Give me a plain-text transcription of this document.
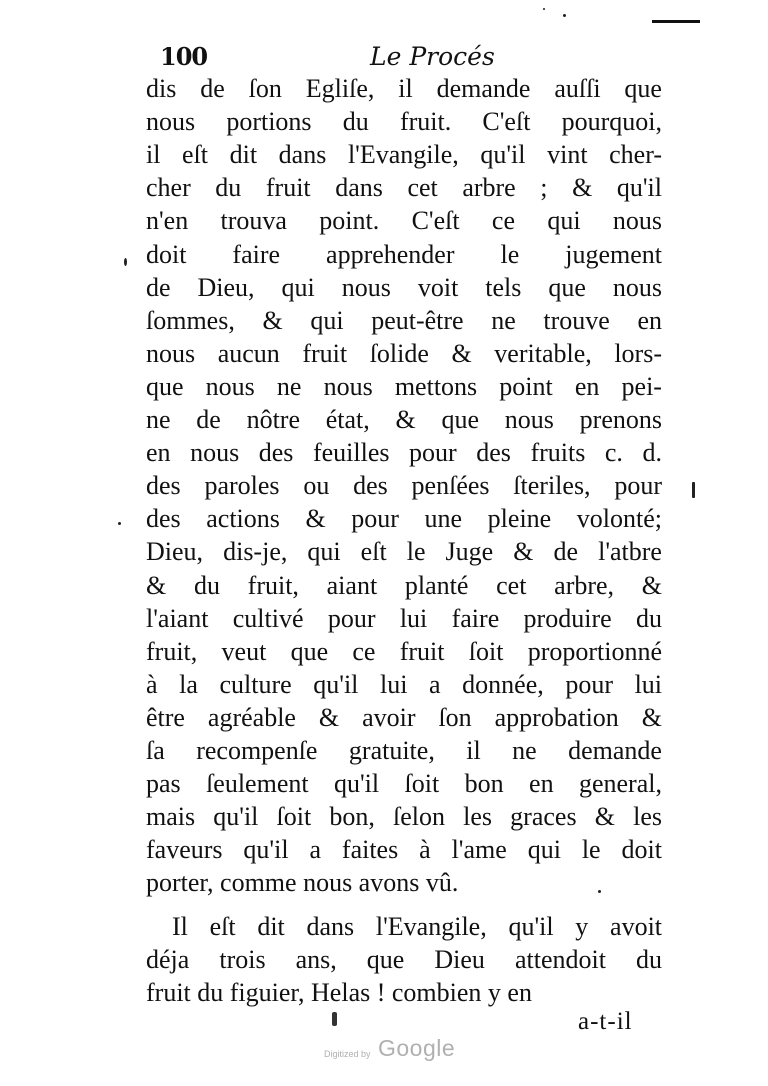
100	Le Procés
dis de ſon Egliſe, il demande auſſi que
nous portions du fruit. C'eſt pourquoi,
il eſt dit dans l'Evangile, qu'il vint cher-
cher du fruit dans cet arbre ; & qu'il
n'en trouva point. C'eſt ce qui nous
doit faire apprehender le jugement
de Dieu, qui nous voit tels que nous
ſommes, & qui peut-être ne trouve en
nous aucun fruit ſolide & veritable, lors-
que nous ne nous mettons point en pei-
ne de nôtre état, & que nous prenons
en nous des feuilles pour des fruits c. d.
des paroles ou des penſées ſteriles, pour
des actions & pour une pleine volonté;
Dieu, dis-je, qui eſt le Juge & de l'atbre
& du fruit, aiant planté cet arbre, &
l'aiant cultivé pour lui faire produire du
fruit, veut que ce fruit ſoit proportionné
à la culture qu'il lui a donnée, pour lui
être agréable & avoir ſon approbation &
ſa recompenſe gratuite, il ne demande
pas ſeulement qu'il ſoit bon en general,
mais qu'il ſoit bon, ſelon les graces & les
faveurs qu'il a faites à l'ame qui le doit
porter, comme nous avons vû.
Il eſt dit dans l'Evangile, qu'il y avoit
déja trois ans, que Dieu attendoit du
fruit du figuier, Helas ! combien y en
a-t-il
Digitized by Google
